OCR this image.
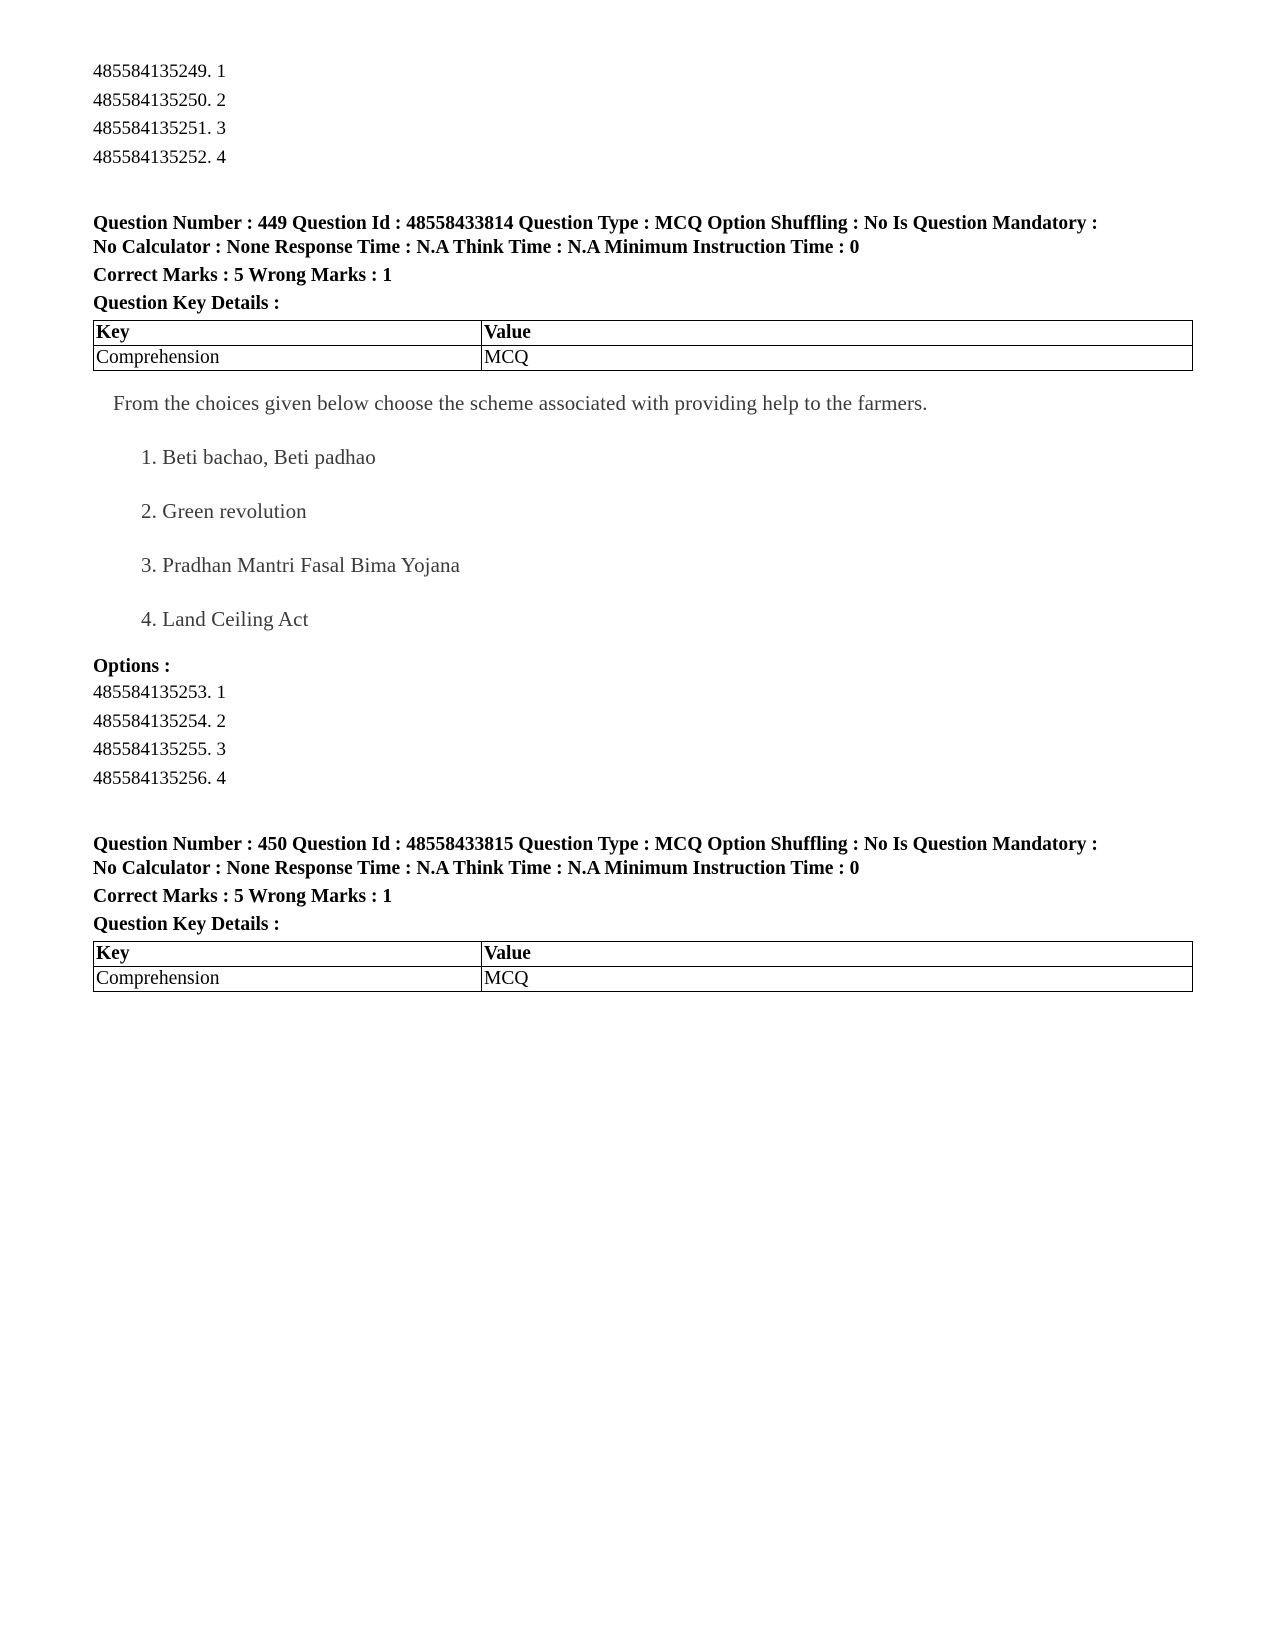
485584135249. 1
485584135250. 2
485584135251. 3
485584135252. 4
Question Number : 449 Question Id : 48558433814 Question Type : MCQ Option Shuffling : No Is Question Mandatory :
No Calculator : None Response Time : N.A Think Time : N.A Minimum Instruction Time : 0
Correct Marks : 5 Wrong Marks : 1
Question Key Details :
Key	Value
Comprehension	MCQ
From the choices given below choose the scheme associated with providing help to the farmers.
1. Beti bachao, Beti padhao
2. Green revolution
3. Pradhan Mantri Fasal Bima Yojana
4. Land Ceiling Act
Options :
485584135253. 1
485584135254. 2
485584135255. 3
485584135256. 4
Question Number : 450 Question Id : 48558433815 Question Type : MCQ Option Shuffling : No Is Question Mandatory :
No Calculator : None Response Time : N.A Think Time : N.A Minimum Instruction Time : 0
Correct Marks : 5 Wrong Marks : 1
Question Key Details :
Key	Value
Comprehension	MCQ
